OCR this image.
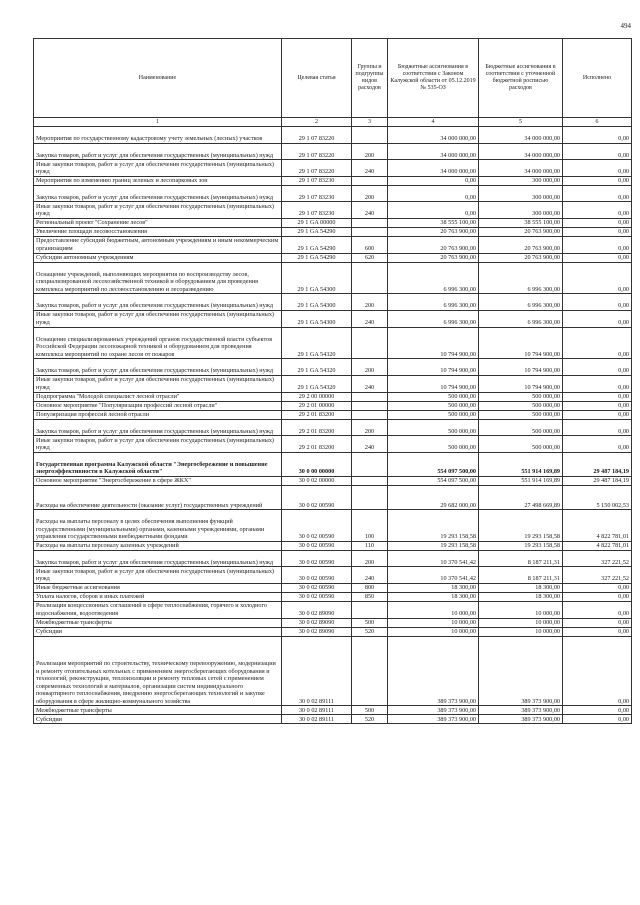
494
Наименование	Целевая статья	Группы и подгруппы видов расходов	Бюджетные ассигнования в соответствии с Законом Калужской области от 05.12.2019 № 535-ОЗ	Бюджетные ассигнования в соответствии с уточненной бюджетной росписью расходов	Исполнено
1	2	3	4	5	6
Мероприятия по государственному кадастровому учету земельных (лесных) участков	29 1 07 83220		34 000 000,00	34 000 000,00	0,00
Закупка товаров, работ и услуг для обеспечения государственных (муниципальных) нужд	29 1 07 83220	200	34 000 000,00	34 000 000,00	0,00
Иные закупки товаров, работ и услуг для обеспечения государственных (муниципальных) нужд	29 1 07 83220	240	34 000 000,00	34 000 000,00	0,00
Мероприятия по изменению границ зеленых и лесопарковых зон	29 1 07 83230		0,00	300 000,00	0,00
Закупка товаров, работ и услуг для обеспечения государственных (муниципальных) нужд	29 1 07 83230	200	0,00	300 000,00	0,00
Иные закупки товаров, работ и услуг для обеспечения государственных (муниципальных) нужд	29 1 07 83230	240	0,00	300 000,00	0,00
Региональный проект "Сохранение лесов"	29 1 GA 00000		38 555 100,00	38 555 100,00	0,00
Увеличение площади лесовосстановления	29 1 GA 54290		20 763 900,00	20 763 900,00	0,00
Предоставление субсидий бюджетным, автономным учреждениям и иным некоммерческим организациям	29 1 GA 54290	600	20 763 900,00	20 763 900,00	0,00
Субсидии автономным учреждениям	29 1 GA 54290	620	20 763 900,00	20 763 900,00	0,00
Оснащение учреждений, выполняющих мероприятия по воспроизводству лесов, специализированной лесохозяйственной техникой и оборудованием для проведения комплекса мероприятий по лесовосстановлению и лесоразведению	29 1 GA 54300		6 996 300,00	6 996 300,00	0,00
Закупка товаров, работ и услуг для обеспечения государственных (муниципальных) нужд	29 1 GA 54300	200	6 996 300,00	6 996 300,00	0,00
Иные закупки товаров, работ и услуг для обеспечения государственных (муниципальных) нужд	29 1 GA 54300	240	6 996 300,00	6 996 300,00	0,00
Оснащение специализированных учреждений органов государственной власти субъектов Российской Федерации лесопожарной техникой и оборудованием для проведения комплекса мероприятий по охране лесов от пожаров	29 1 GA 54320		10 794 900,00	10 794 900,00	0,00
Закупка товаров, работ и услуг для обеспечения государственных (муниципальных) нужд	29 1 GA 54320	200	10 794 900,00	10 794 900,00	0,00
Иные закупки товаров, работ и услуг для обеспечения государственных (муниципальных) нужд	29 1 GA 54320	240	10 794 900,00	10 794 900,00	0,00
Подпрограмма "Молодой специалист лесной отрасли"	29 2 00 00000		500 000,00	500 000,00	0,00
Основное мероприятие "Популяризация профессий лесной отрасли"	29 2 01 00000		500 000,00	500 000,00	0,00
Популяризация профессий лесной отрасли	29 2 01 83200		500 000,00	500 000,00	0,00
Закупка товаров, работ и услуг для обеспечения государственных (муниципальных) нужд	29 2 01 83200	200	500 000,00	500 000,00	0,00
Иные закупки товаров, работ и услуг для обеспечения государственных (муниципальных) нужд	29 2 01 83200	240	500 000,00	500 000,00	0,00
Государственная программа Калужской области "Энергосбережение и повышение энергоэффективности в Калужской области"	30 0 00 00000		554 097 500,00	551 914 169,89	29 487 184,19
Основное мероприятие "Энергосбережение в сфере ЖКХ"	30 0 02 00000		554 097 500,00	551 914 169,89	29 487 184,19
Расходы на обеспечение деятельности (оказание услуг) государственных учреждений	30 0 02 00590		29 682 000,00	27 498 669,89	5 150 002,53
Расходы на выплаты персоналу в целях обеспечения выполнения функций государственными (муниципальными) органами, казенными учреждениями, органами управления государственными внебюджетными фондами	30 0 02 00590	100	19 293 158,58	19 293 158,58	4 822 781,01
Расходы на выплаты персоналу казенных учреждений	30 0 02 00590	110	19 293 158,58	19 293 158,58	4 822 781,01
Закупка товаров, работ и услуг для обеспечения государственных (муниципальных) нужд	30 0 02 00590	200	10 370 541,42	8 187 211,31	327 221,52
Иные закупки товаров, работ и услуг для обеспечения государственных (муниципальных) нужд	30 0 02 00590	240	10 370 541,42	8 187 211,31	327 221,52
Иные бюджетные ассигнования	30 0 02 00590	800	18 300,00	18 300,00	0,00
Уплата налогов, сборов и иных платежей	30 0 02 00590	850	18 300,00	18 300,00	0,00
Реализация концессионных соглашений в сфере теплоснабжения, горячего и холодного водоснабжения, водоотведения	30 0 02 89090		10 000,00	10 000,00	0,00
Межбюджетные трансферты	30 0 02 89090	500	10 000,00	10 000,00	0,00
Субсидии	30 0 02 89090	520	10 000,00	10 000,00	0,00
Реализация мероприятий по строительству, техническому перевооружению, модернизации и ремонту отопительных котельных с применением энергосберегающих оборудования и технологий, реконструкции, теплоизоляции и ремонту тепловых сетей с применением современных технологий и материалов, организации систем индивидуального поквартирного теплоснабжения, внедрению энергосберегающих технологий и закупке оборудования в сфере жилищно-коммунального хозяйства	30 0 02 89111		389 373 900,00	389 373 900,00	0,00
Межбюджетные трансферты	30 0 02 89111	500	389 373 900,00	389 373 900,00	0,00
Субсидии	30 0 02 89111	520	389 373 900,00	389 373 900,00	0,00
